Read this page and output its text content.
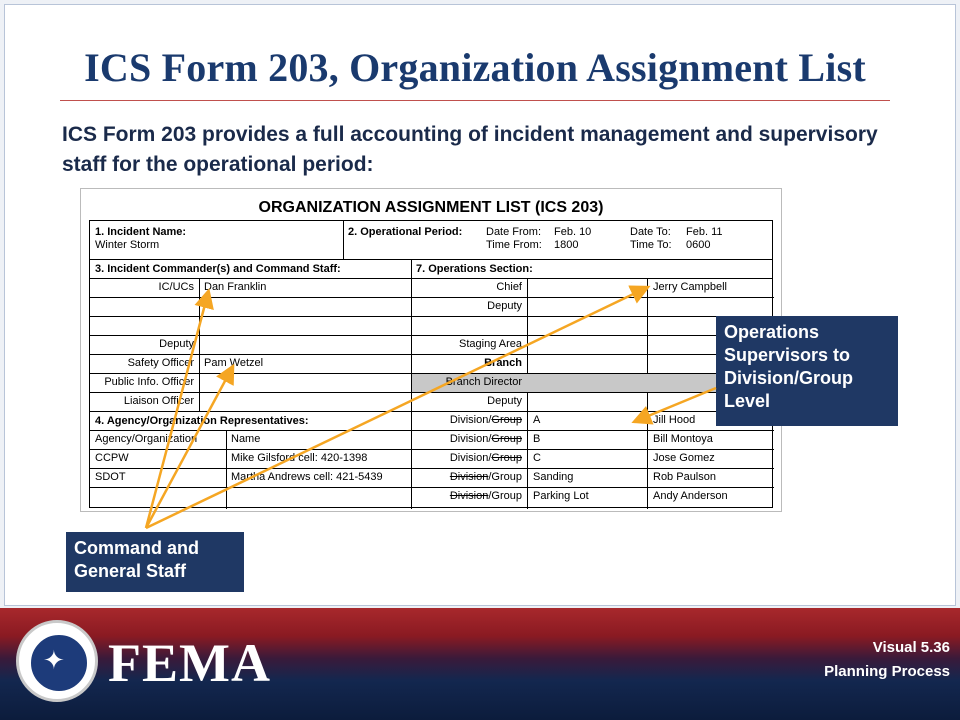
ICS Form 203, Organization Assignment List
ICS Form 203 provides a full accounting of incident management and supervisory staff for the operational period:
ORGANIZATION ASSIGNMENT LIST (ICS 203)
1. Incident Name:
Winter Storm
2. Operational Period: Date From: Feb. 10	Date To: Feb. 11
Time From: 1800	Time To: 0600
3. Incident Commander(s) and Command Staff:	7. Operations Section:
IC/UCs Dan Franklin
Deputy
Safety Officer Pam Wetzel
Public Info. Officer
Liaison Officer
4. Agency/Organization Representatives:
Agency/Organization	Name
CCPW	Mike Gilsford cell: 420-1398
SDOT	Martha Andrews cell: 421-5439
Chief	Jerry Campbell
Deputy
Staging Area
Branch
Branch Director
Deputy
Division/Group A	Jill Hood
Division/Group B	Bill Montoya
Division/Group C	Jose Gomez
Division/Group Sanding	Rob Paulson
Division/Group Parking Lot	Andy Anderson
Operations Supervisors to Division/Group Level
Command and General Staff
✦ FEMA	Visual 5.36
Planning Process
